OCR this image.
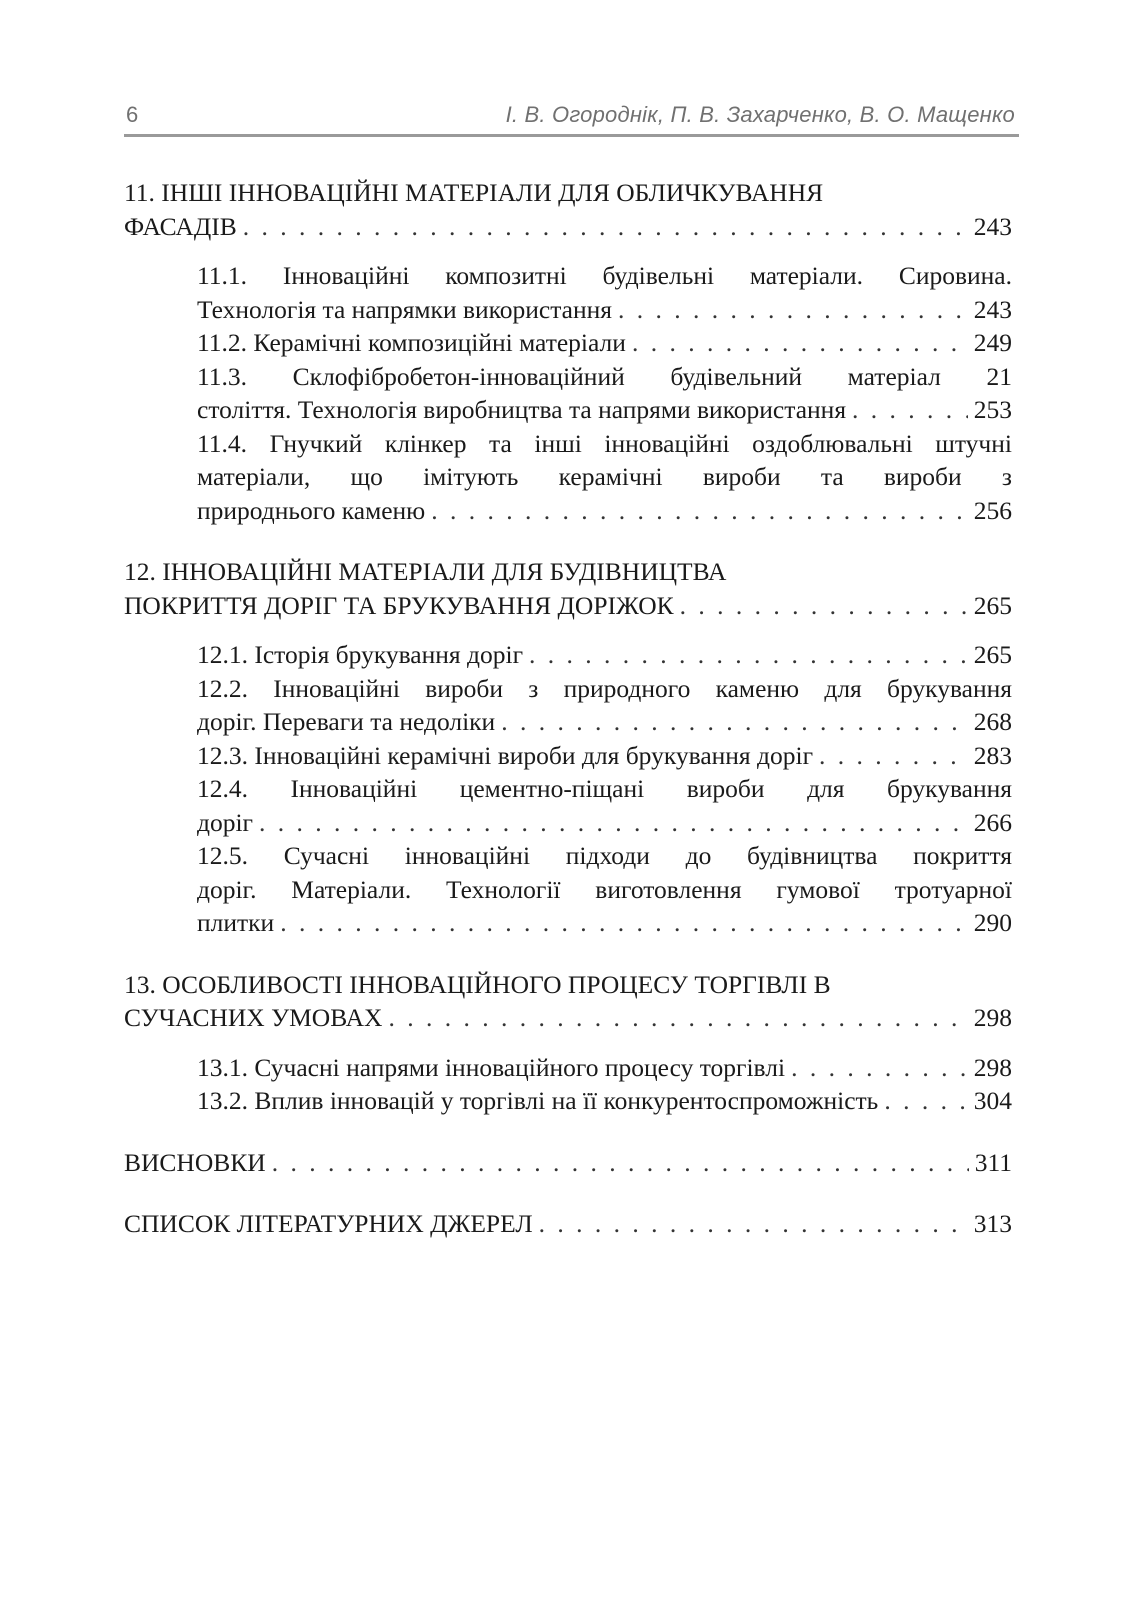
6	І. В. Огороднік, П. В. Захарченко, В. О. Мащенко
11. ІНШІ ІННОВАЦІЙНІ МАТЕРІАЛИ ДЛЯ ОБЛИЧКУВАННЯ
ФАСАДІВ . . .	243
11.1. Інноваційні композитні будівельні матеріали. Сировина.
Технологія та напрямки використання . . .	243
11.2. Керамічні композиційні матеріали . . .	249
11.3. Склофібробетон-інноваційний будівельний матеріал 21
століття. Технологія виробництва та напрями використання . . .	253
11.4. Гнучкий клінкер та інші інноваційні оздоблювальні штучні
матеріали, що імітують керамічні вироби та вироби з
природнього каменю . . .	256
12. ІННОВАЦІЙНІ МАТЕРІАЛИ ДЛЯ БУДІВНИЦТВА
ПОКРИТТЯ ДОРІГ ТА БРУКУВАННЯ ДОРІЖОК . . .	265
12.1. Історія брукування доріг . . .	265
12.2. Інноваційні вироби з природного каменю для брукування
доріг. Переваги та недоліки . . .	268
12.3. Інноваційні керамічні вироби для брукування доріг . . .	283
12.4. Інноваційні цементно-піщані вироби для брукування
доріг . . .	266
12.5. Сучасні інноваційні підходи до будівництва покриття
доріг. Матеріали. Технології виготовлення гумової тротуарної
плитки . . .	290
13. ОСОБЛИВОСТІ ІННОВАЦІЙНОГО ПРОЦЕСУ ТОРГІВЛІ В
СУЧАСНИХ УМОВАХ . . .	298
13.1. Сучасні напрями інноваційного процесу торгівлі . . .	298
13.2. Вплив інновацій у торгівлі на її конкурентоспроможність . . .	304
ВИСНОВКИ . . .	311
СПИСОК ЛІТЕРАТУРНИХ ДЖЕРЕЛ . . .	313
